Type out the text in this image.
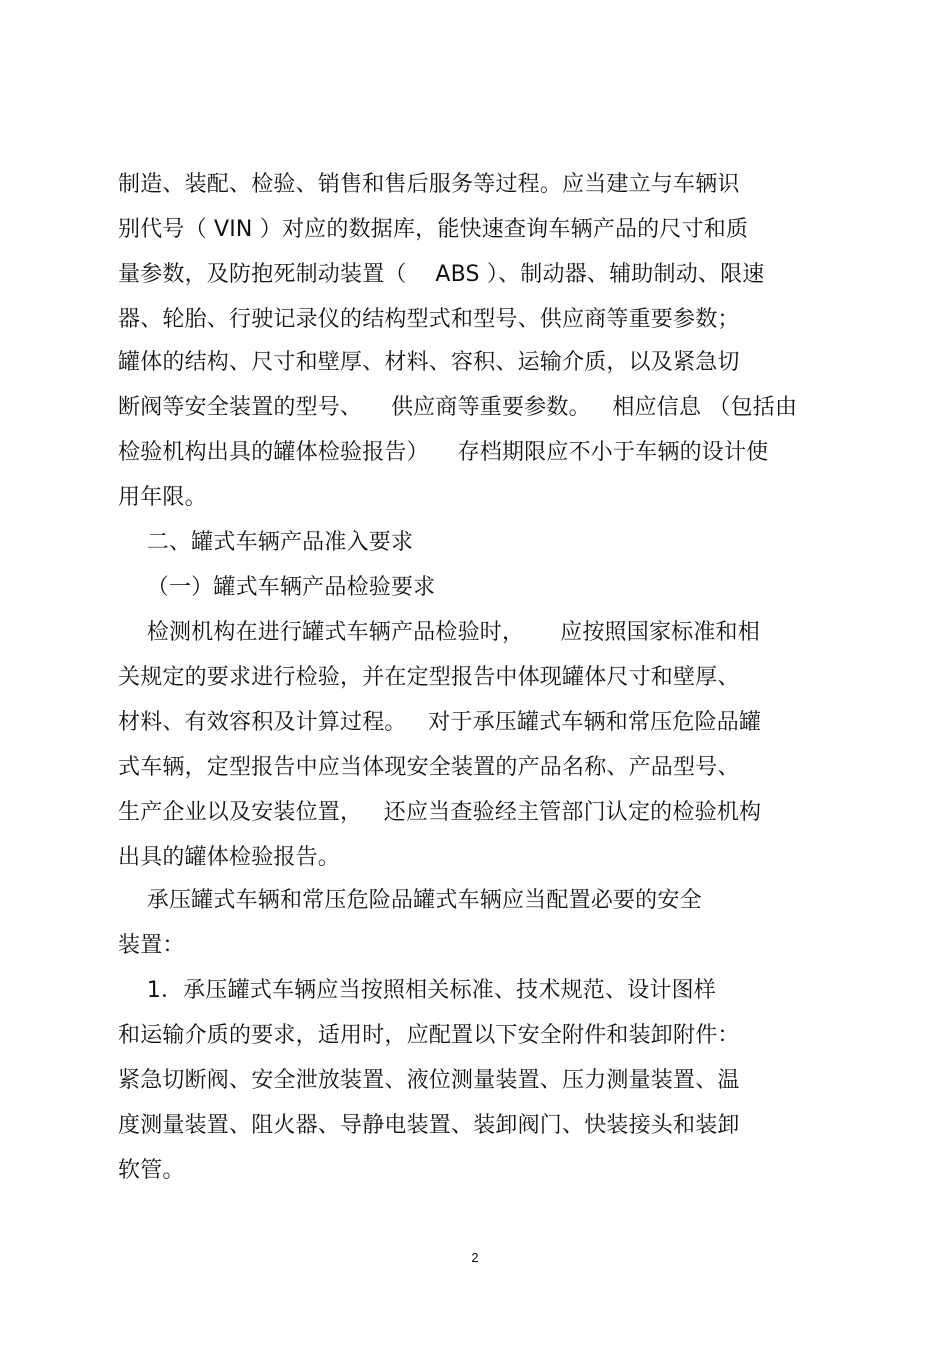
制造、装配、检验、销售和售后服务等过程。应当建立与车辆识
别代号（ VIN ）对应的数据库，能快速查询车辆产品的尺寸和质
量参数，及防抱死制动装置（    ABS ）、制动器、辅助制动、限速
器、轮胎、行驶记录仪的结构型式和型号、供应商等重要参数；
罐体的结构、尺寸和壁厚、材料、容积、运输介质，以及紧急切
断阀等安全装置的型号、    供应商等重要参数。   相应信息 （包括由
检验机构出具的罐体检验报告）    存档期限应不小于车辆的设计使
用年限。
二、罐式车辆产品准入要求
（一）罐式车辆产品检验要求
检测机构在进行罐式车辆产品检验时，     应按照国家标准和相
关规定的要求进行检验，并在定型报告中体现罐体尺寸和壁厚、
材料、有效容积及计算过程。   对于承压罐式车辆和常压危险品罐
式车辆，定型报告中应当体现安全装置的产品名称、产品型号、
生产企业以及安装位置，   还应当查验经主管部门认定的检验机构
出具的罐体检验报告。
承压罐式车辆和常压危险品罐式车辆应当配置必要的安全
装置：
1．承压罐式车辆应当按照相关标准、技术规范、设计图样
和运输介质的要求，适用时，应配置以下安全附件和装卸附件：
紧急切断阀、安全泄放装置、液位测量装置、压力测量装置、温
度测量装置、阻火器、导静电装置、装卸阀门、快装接头和装卸
软管。
2
